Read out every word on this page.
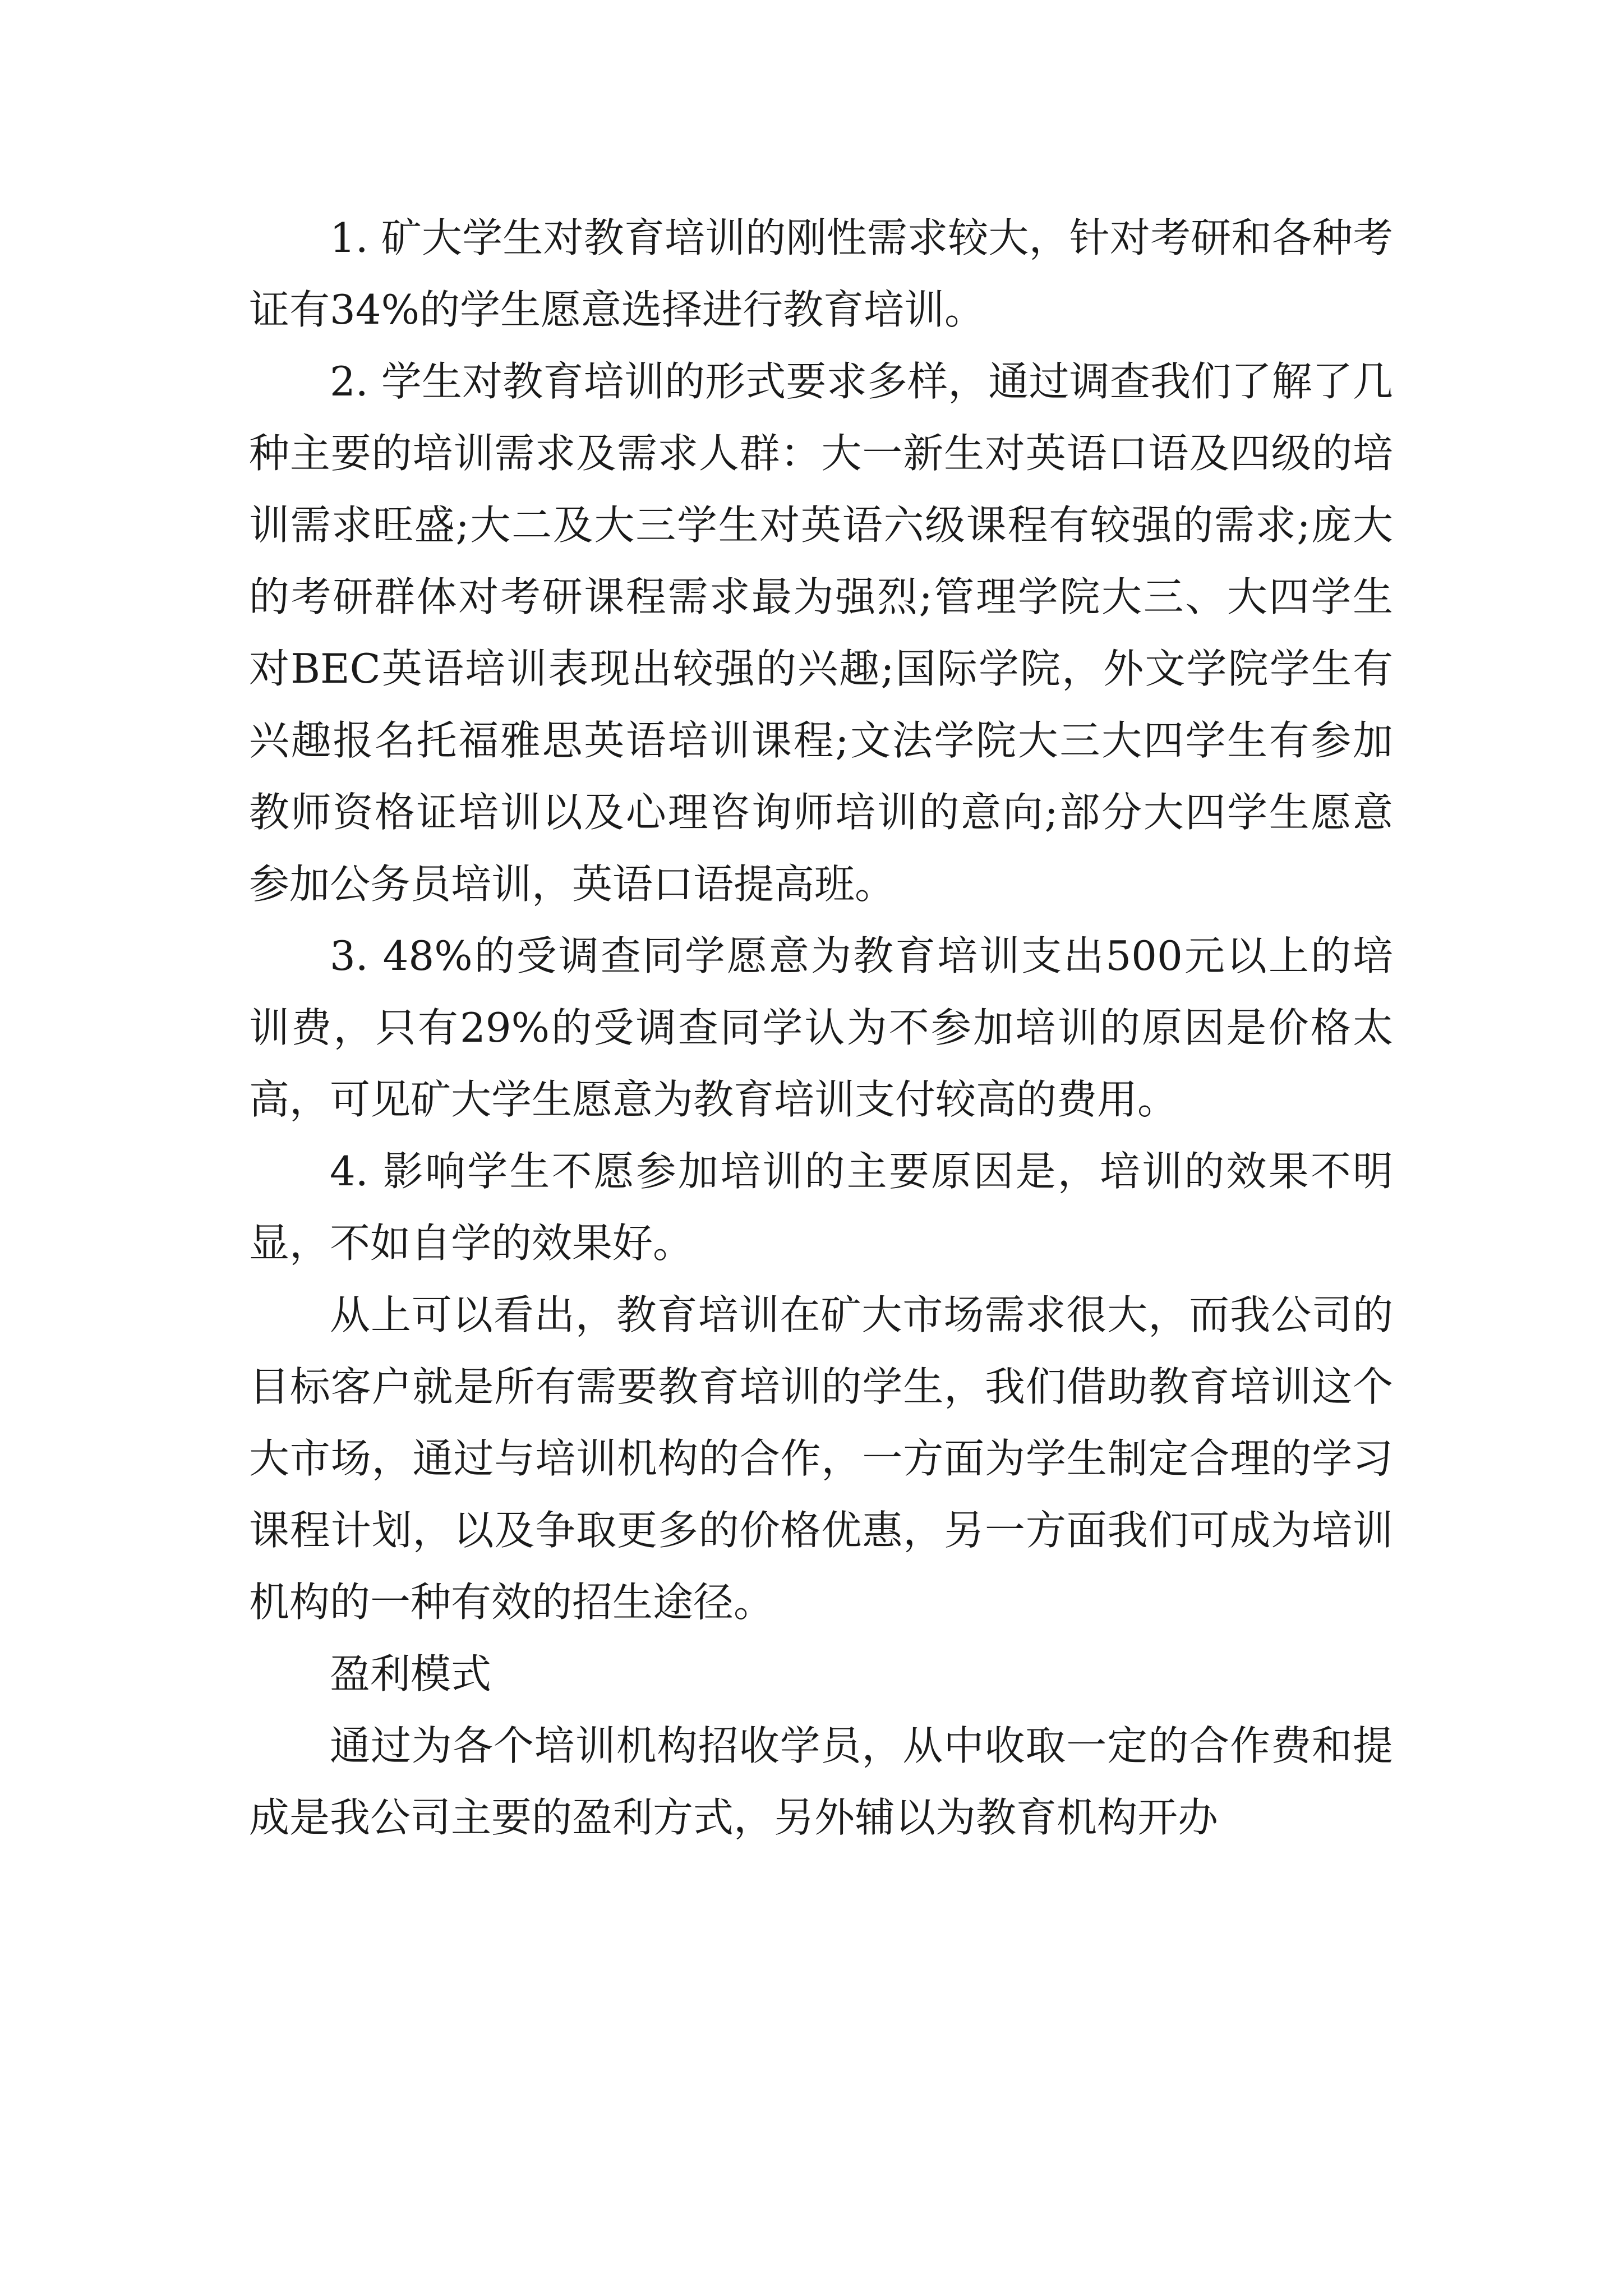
1. 矿大学生对教育培训的刚性需求较大，针对考研和各种考证有34%的学生愿意选择进行教育培训。

2. 学生对教育培训的形式要求多样，通过调查我们了解了几种主要的培训需求及需求人群：大一新生对英语口语及四级的培训需求旺盛;大二及大三学生对英语六级课程有较强的需求;庞大的考研群体对考研课程需求最为强烈;管理学院大三、大四学生对BEC英语培训表现出较强的兴趣;国际学院，外文学院学生有兴趣报名托福雅思英语培训课程;文法学院大三大四学生有参加教师资格证培训以及心理咨询师培训的意向;部分大四学生愿意参加公务员培训，英语口语提高班。

3. 48%的受调查同学愿意为教育培训支出500元以上的培训费，只有29%的受调查同学认为不参加培训的原因是价格太高，可见矿大学生愿意为教育培训支付较高的费用。

4. 影响学生不愿参加培训的主要原因是，培训的效果不明显，不如自学的效果好。

从上可以看出，教育培训在矿大市场需求很大，而我公司的目标客户就是所有需要教育培训的学生，我们借助教育培训这个大市场，通过与培训机构的合作，一方面为学生制定合理的学习课程计划，以及争取更多的价格优惠，另一方面我们可成为培训机构的一种有效的招生途径。

盈利模式

通过为各个培训机构招收学员，从中收取一定的合作费和提成是我公司主要的盈利方式，另外辅以为教育机构开办
